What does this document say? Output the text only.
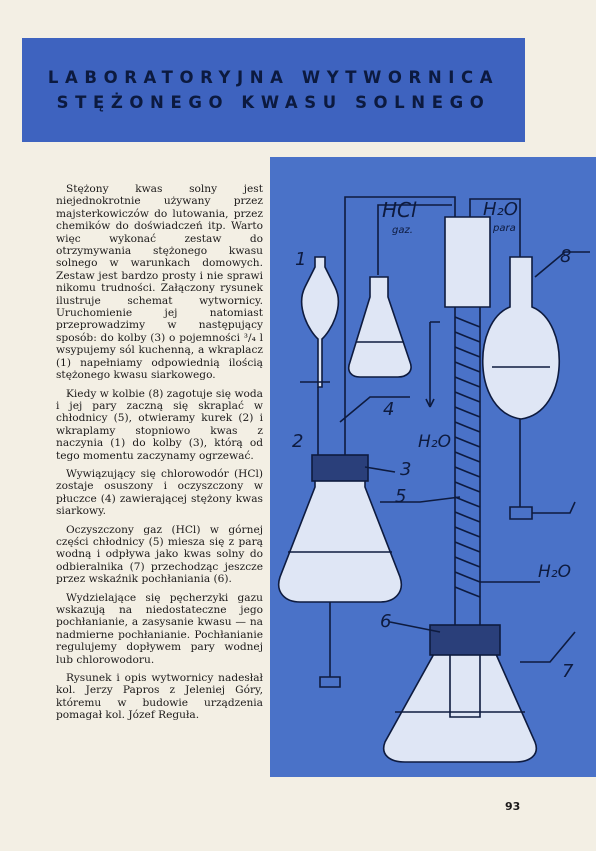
LABORATORYJNA WYTWORNICA
STĘŻONEGO KWASU SOLNEGO

Stężony kwas solny jest niejednokrotnie używany przez majsterkowiczów do lutowania, przez chemików do doświadczeń itp. Warto więc wykonać zestaw do otrzymywania stężonego kwasu solnego w warunkach domowych. Zestaw jest bardzo prosty i nie sprawi nikomu trudności. Załączony rysunek ilustruje schemat wytwornicy. Uruchomienie jej natomiast przeprowadzimy w następujący sposób: do kolby (3) o pojemności ³/₄ l wsypujemy sól kuchenną, a wkraplacz (1) napełniamy odpowiednią ilością stężonego kwasu siarkowego.

Kiedy w kolbie (8) zagotuje się woda i jej pary zaczną się skraplać w chłodnicy (5), otwieramy kurek (2) i wkraplamy stopniowo kwas z naczynia (1) do kolby (3), którą od tego momentu zaczynamy ogrzewać.

Wywiązujący się chlorowodór (HCl) zostaje osuszony i oczyszczony w płuczce (4) zawierającej stężony kwas siarkowy.

Oczyszczony gaz (HCl) w górnej części chłodnicy (5) miesza się z parą wodną i odpływa jako kwas solny do odbieralnika (7) przechodząc jeszcze przez wskaźnik pochłaniania (6).

Wydzielające się pęcherzyki gazu wskazują na niedostateczne jego pochłanianie, a zasysanie kwasu — na nadmierne pochłanianie. Pochłanianie regulujemy dopływem pary wodnej lub chlorowodoru.

Rysunek i opis wytwornicy nadesłał kol. Jerzy Papros z Jeleniej Góry, któremu w budowie urządzenia pomagał kol. Józef Reguła.

1
2
3
4
5
6
7
8
HCl
gaz.
H₂O
para
H₂O
H₂O
93
